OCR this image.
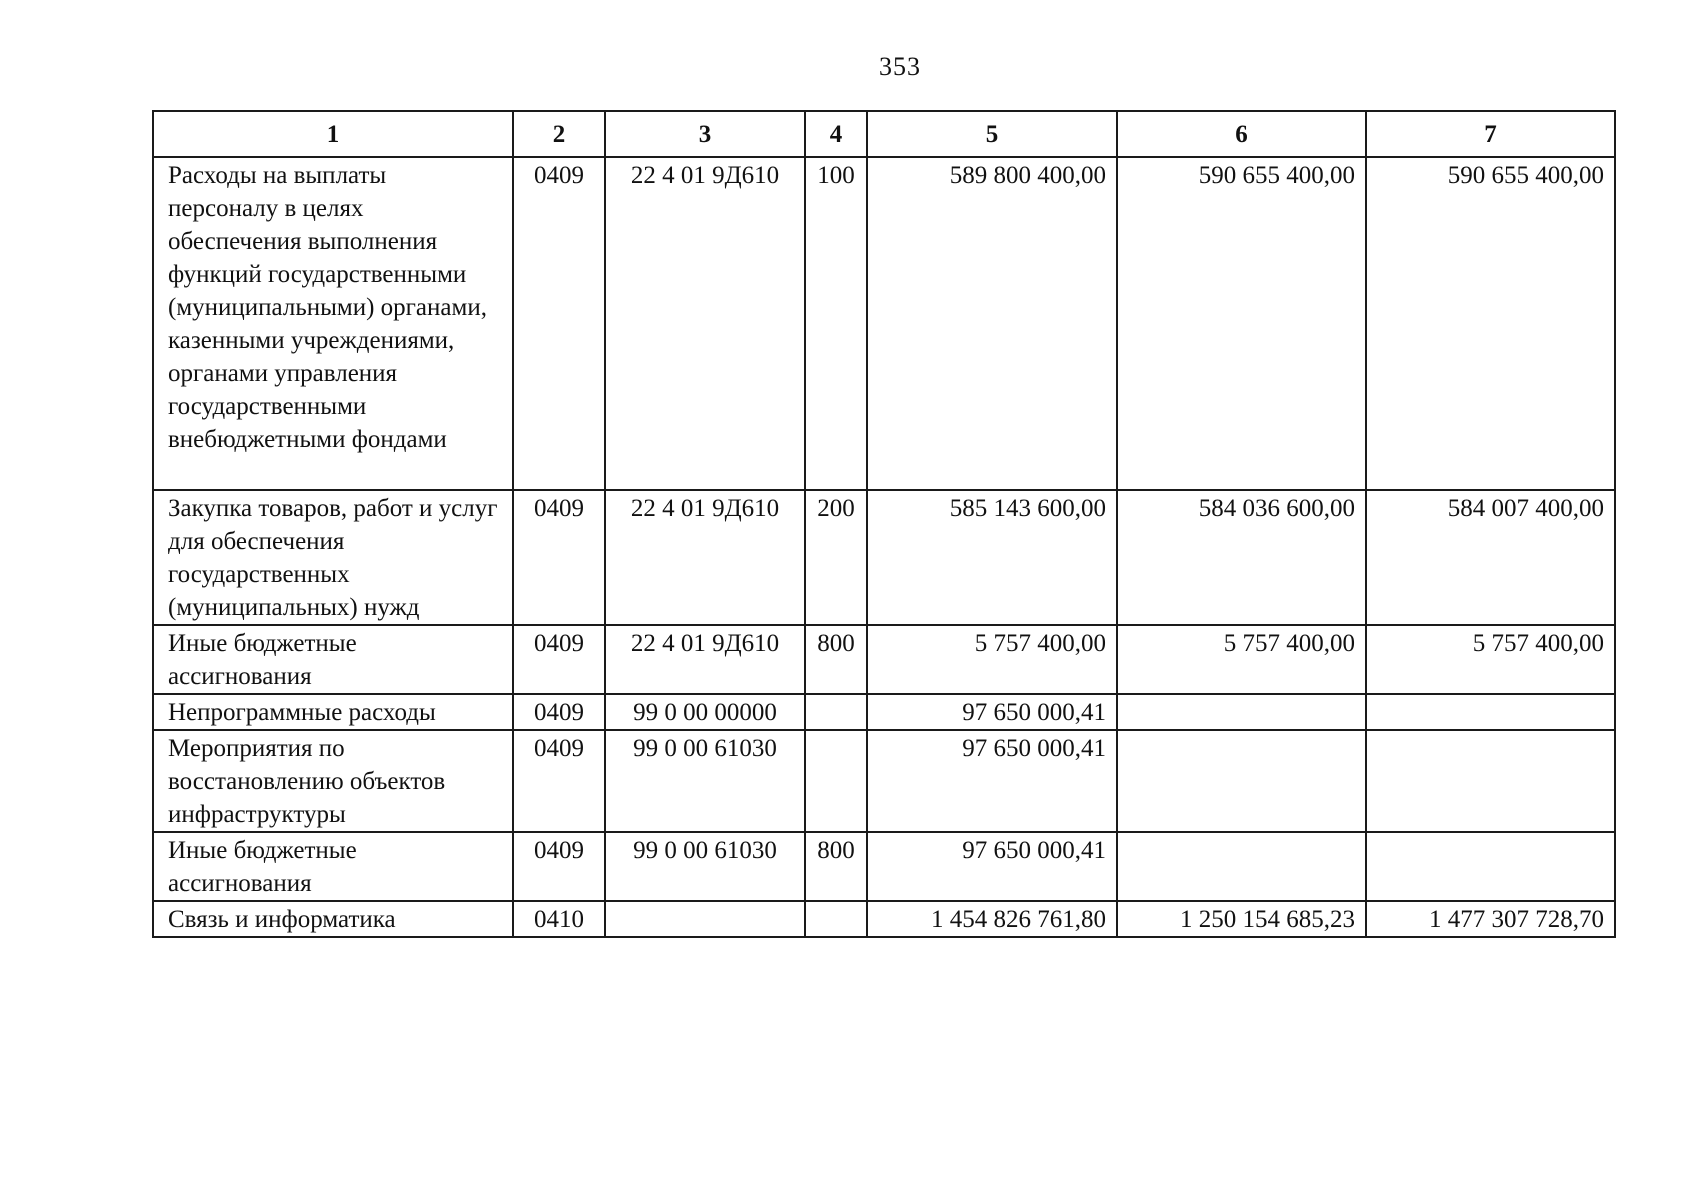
353
1	2	3	4	5	6	7
Расходы на выплаты персоналу в целях обеспечения выполнения функций государственными (муниципальными) органами, казенными учреждениями, органами управления государственными внебюджетными фондами	0409	22 4 01 9Д610	100	589 800 400,00	590 655 400,00	590 655 400,00
Закупка товаров, работ и услуг для обеспечения государственных (муниципальных) нужд	0409	22 4 01 9Д610	200	585 143 600,00	584 036 600,00	584 007 400,00
Иные бюджетные ассигнования	0409	22 4 01 9Д610	800	5 757 400,00	5 757 400,00	5 757 400,00
Непрограммные расходы	0409	99 0 00 00000		97 650 000,41		
Мероприятия по восстановлению объектов инфраструктуры	0409	99 0 00 61030		97 650 000,41		
Иные бюджетные ассигнования	0409	99 0 00 61030	800	97 650 000,41		
Связь и информатика	0410			1 454 826 761,80	1 250 154 685,23	1 477 307 728,70
